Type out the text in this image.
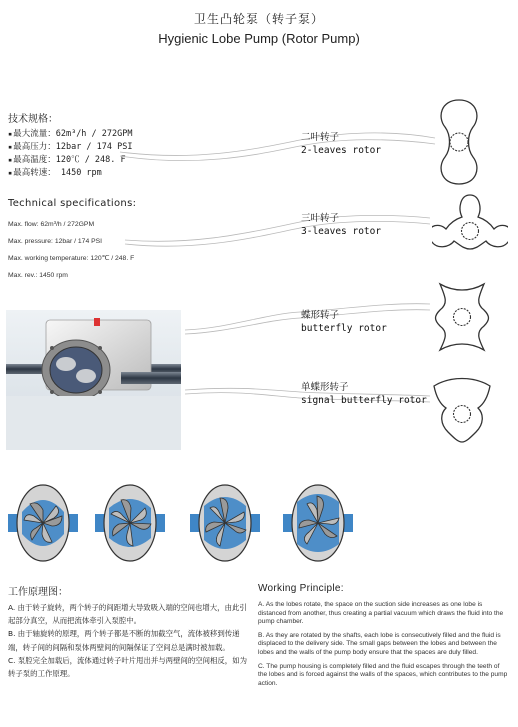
卫生凸轮泵（转子泵）
Hygienic Lobe Pump (Rotor Pump)
技术规格：
▪ 最大流量：62m³/h / 272GPM
▪ 最高压力：12bar / 174 PSI
▪ 最高温度：120℃ / 248. F
▪ 最高转速： 1450 rpm
Technical specifications:
Max. flow: 62m³/h / 272GPM
Max. pressure: 12bar / 174 PSI
Max. working temperature: 120℃ / 248. F
Max. rev.: 1450 rpm
二叶转子
2-leaves rotor
三叶转子
3-leaves rotor
蝶形转子
butterfly rotor
单蝶形转子
signal butterfly rotor
工作原理图：

A. 由于转子旋转，两个转子的间距增大导致吸入端的空间也增大，由此引起部分真空，从而把流体牵引入泵腔中。

B. 由于轴旋转的原理，两个转子都是不断的加截空气，流体被移到传递端，转子间的间隔和泵体两壁间的间隔保证了空间总是满时被加载。

C. 泵腔完全加载后，流体通过转子叶片甩出并与两壁间的空间相反，如为转子泵的工作原理。

Working Principle:

A. As the lobes rotate, the space on the suction side increases as one lobe is distanced from another, thus creating a partial vacuum which draws the fluid into the pump chamber.

B. As they are rotated by the shafts, each lobe is consecutively filled and the fluid is displaced to the delivery side. The small gaps between the lobes and between the lobes and the walls of the pump body ensure that the spaces are duly filled.

C. The pump housing is completely filled and the fluid escapes through the teeth of the lobes and is forced against the walls of the spaces, which contributes to the pump action.
